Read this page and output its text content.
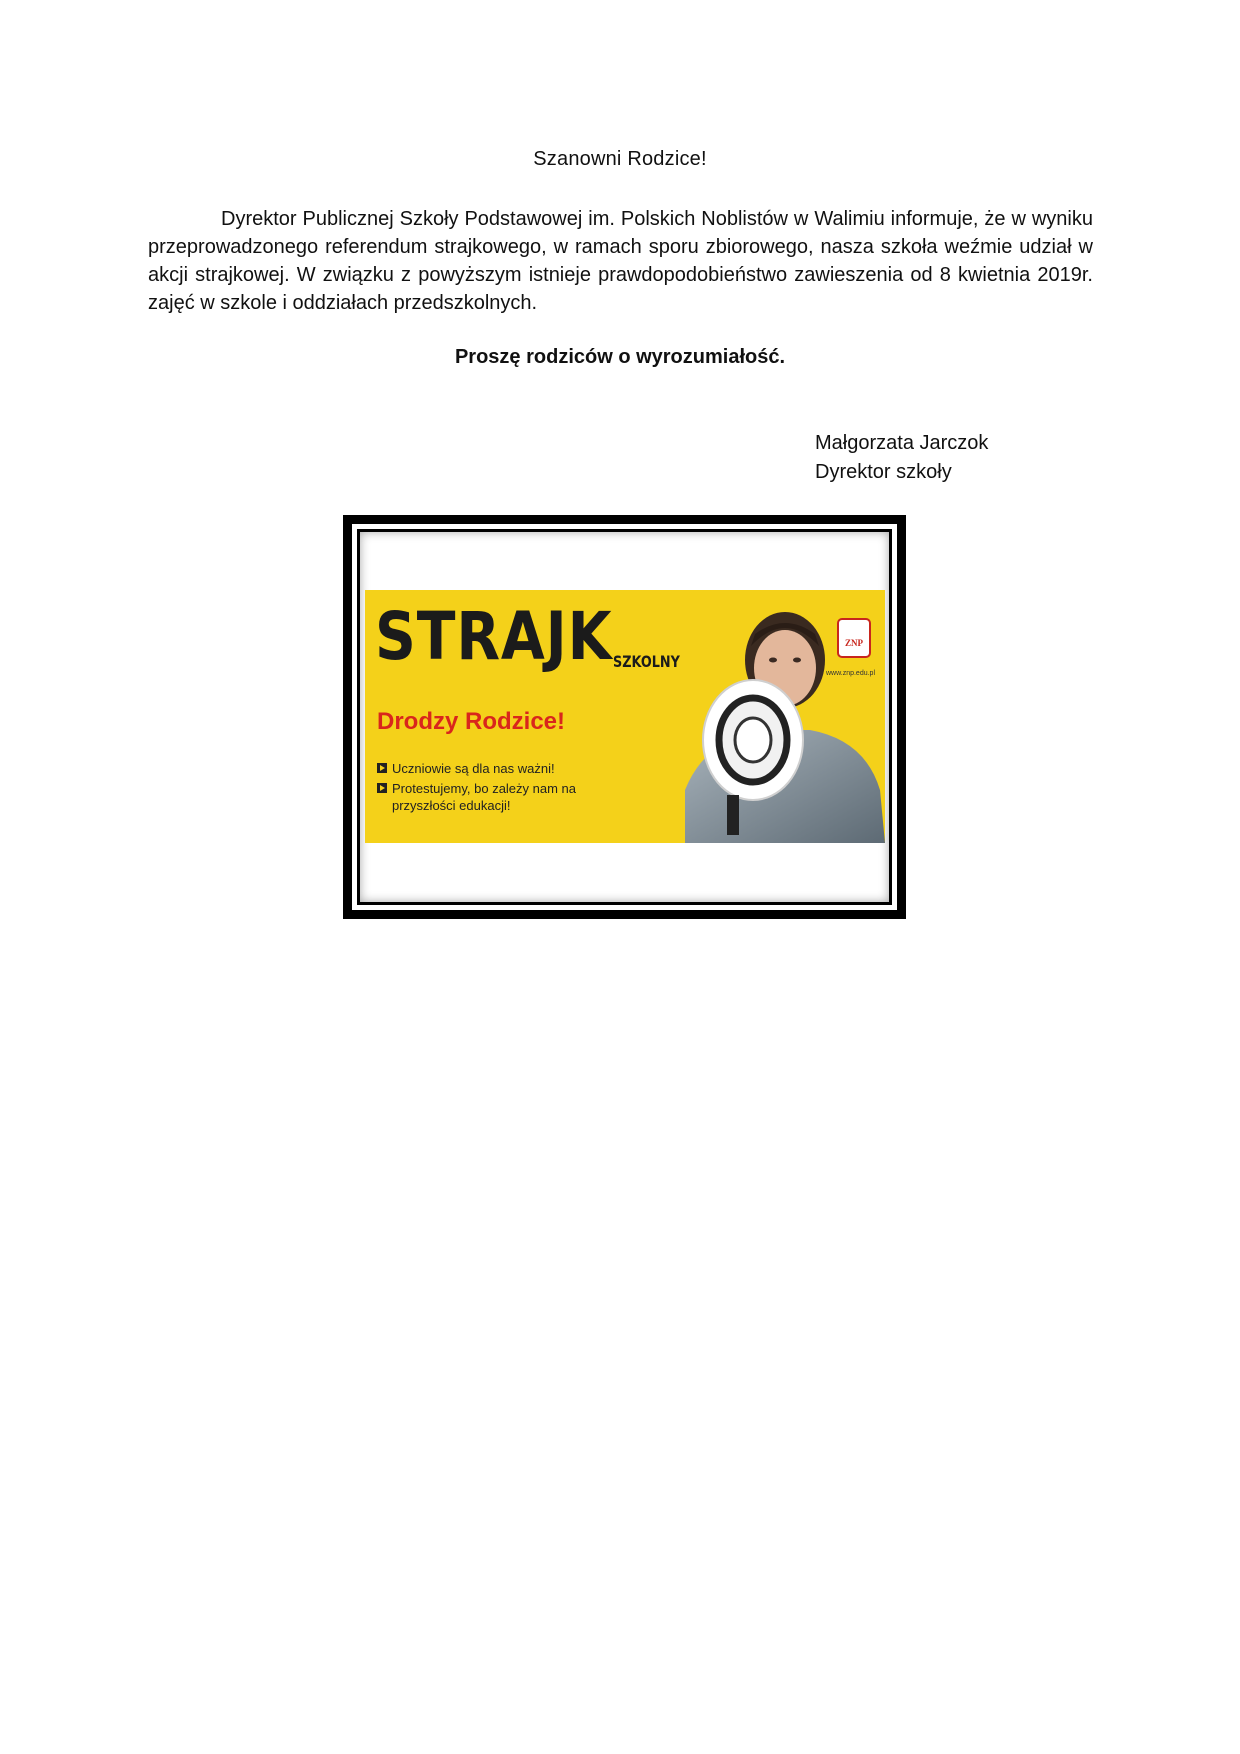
Szanowni Rodzice!
Dyrektor Publicznej Szkoły Podstawowej im. Polskich Noblistów w Walimiu informuje, że w wyniku przeprowadzonego referendum strajkowego, w ramach sporu zbiorowego, nasza szkoła weźmie udział w akcji strajkowej. W związku z powyższym istnieje prawdopodobieństwo zawieszenia od 8 kwietnia 2019r. zajęć w szkole i oddziałach przedszkolnych.
Proszę rodziców o wyrozumiałość.
Małgorzata Jarczok
Dyrektor szkoły
STRAJK SZKOLNY
Drodzy Rodzice!
Uczniowie są dla nas ważni!
Protestujemy, bo zależy nam na przyszłości edukacji!
ZNP
www.znp.edu.pl
